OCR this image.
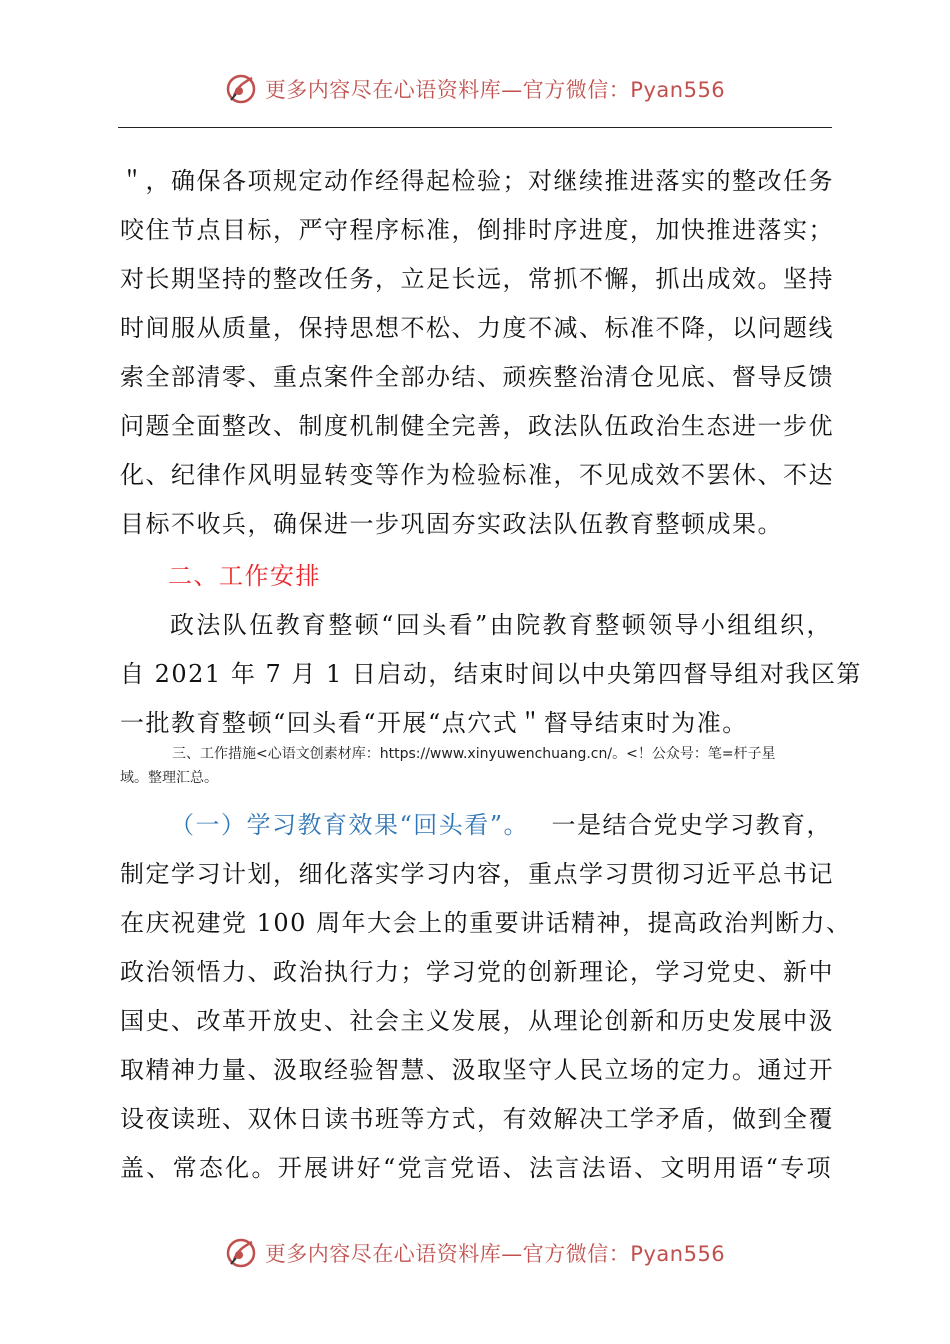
更多内容尽在心语资料库—官方微信：Pyan556
＂，确保各项规定动作经得起检验；对继续推进落实的整改任务
咬住节点目标，严守程序标准，倒排时序进度，加快推进落实；
对长期坚持的整改任务，立足长远，常抓不懈，抓出成效。坚持
时间服从质量，保持思想不松、力度不减、标准不降，以问题线
索全部清零、重点案件全部办结、顽疾整治清仓见底、督导反馈
问题全面整改、制度机制健全完善，政法队伍政治生态进一步优
化、纪律作风明显转变等作为检验标准，不见成效不罢休、不达
目标不收兵，确保进一步巩固夯实政法队伍教育整顿成果。
二、工作安排
政法队伍教育整顿“回头看”由院教育整顿领导小组组织，
自 2021 年 7 月 1 日启动，结束时间以中央第四督导组对我区第
一批教育整顿“回头看“开展“点穴式＂督导结束时为准。
三、工作措施<心语文创素材库：https://www.xinyuwenchuang.cn/。<！公众号：笔=杆子星
域。整理汇总。
（一）学习教育效果“回头看”。 一是结合党史学习教育，
制定学习计划，细化落实学习内容，重点学习贯彻习近平总书记
在庆祝建党 100 周年大会上的重要讲话精神，提高政治判断力、
政治领悟力、政治执行力；学习党的创新理论，学习党史、新中
国史、改革开放史、社会主义发展，从理论创新和历史发展中汲
取精神力量、汲取经验智慧、汲取坚守人民立场的定力。通过开
设夜读班、双休日读书班等方式，有效解决工学矛盾，做到全覆
盖、常态化。开展讲好“党言党语、法言法语、文明用语“专项
更多内容尽在心语资料库—官方微信：Pyan556
